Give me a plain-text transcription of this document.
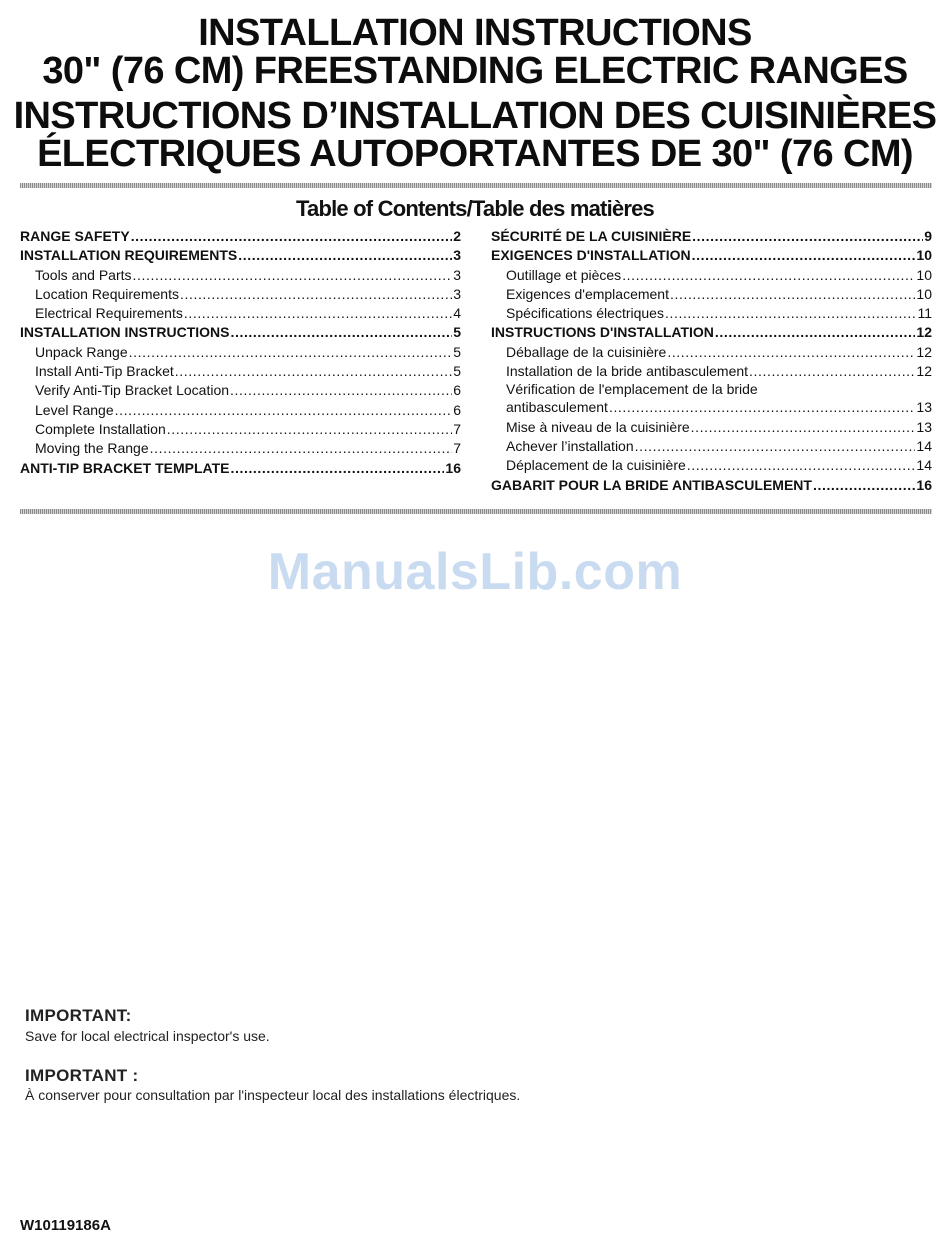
INSTALLATION INSTRUCTIONS
30" (76 CM) FREESTANDING ELECTRIC RANGES
INSTRUCTIONS D’INSTALLATION DES CUISINIÈRES
ÉLECTRIQUES AUTOPORTANTES DE 30" (76 CM)
Table of Contents/Table des matières
RANGE SAFETY .....	2
INSTALLATION REQUIREMENTS .....	3
Tools and Parts .....	3
Location Requirements .....	3
Electrical Requirements .....	4
INSTALLATION INSTRUCTIONS .....	5
Unpack Range .....	5
Install Anti-Tip Bracket .....	5
Verify Anti-Tip Bracket Location .....	6
Level Range .....	6
Complete Installation .....	7
Moving the Range .....	7
ANTI-TIP BRACKET TEMPLATE .....	16
SÉCURITÉ DE LA CUISINIÈRE .....	9
EXIGENCES D'INSTALLATION .....	10
Outillage et pièces .....	10
Exigences d'emplacement .....	10
Spécifications électriques .....	11
INSTRUCTIONS D'INSTALLATION .....	12
Déballage de la cuisinière .....	12
Installation de la bride antibasculement .....	12
Vérification de l'emplacement de la bride
antibasculement .....	13
Mise à niveau de la cuisinière .....	13
Achever l’installation .....	14
Déplacement de la cuisinière .....	14
GABARIT POUR LA BRIDE ANTIBASCULEMENT .....	16
ManualsLib.com

IMPORTANT:

Save for local electrical inspector's use.

IMPORTANT :

À conserver pour consultation par l'inspecteur local des installations électriques.

W10119186A
